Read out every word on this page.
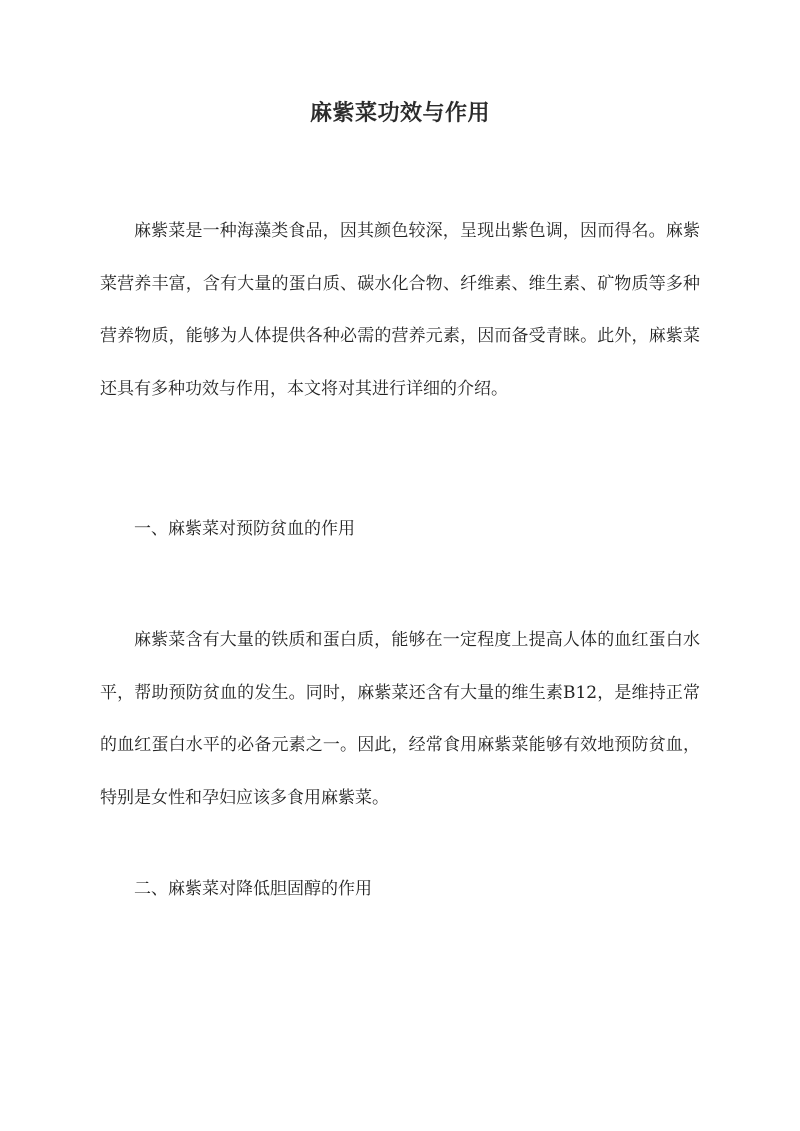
麻紫菜功效与作用
麻紫菜是一种海藻类食品，因其颜色较深，呈现出紫色调，因而得名。麻紫菜营养丰富，含有大量的蛋白质、碳水化合物、纤维素、维生素、矿物质等多种营养物质，能够为人体提供各种必需的营养元素，因而备受青睐。此外，麻紫菜还具有多种功效与作用，本文将对其进行详细的介绍。
一、麻紫菜对预防贫血的作用
麻紫菜含有大量的铁质和蛋白质，能够在一定程度上提高人体的血红蛋白水平，帮助预防贫血的发生。同时，麻紫菜还含有大量的维生素B12，是维持正常的血红蛋白水平的必备元素之一。因此，经常食用麻紫菜能够有效地预防贫血，特别是女性和孕妇应该多食用麻紫菜。
二、麻紫菜对降低胆固醇的作用
